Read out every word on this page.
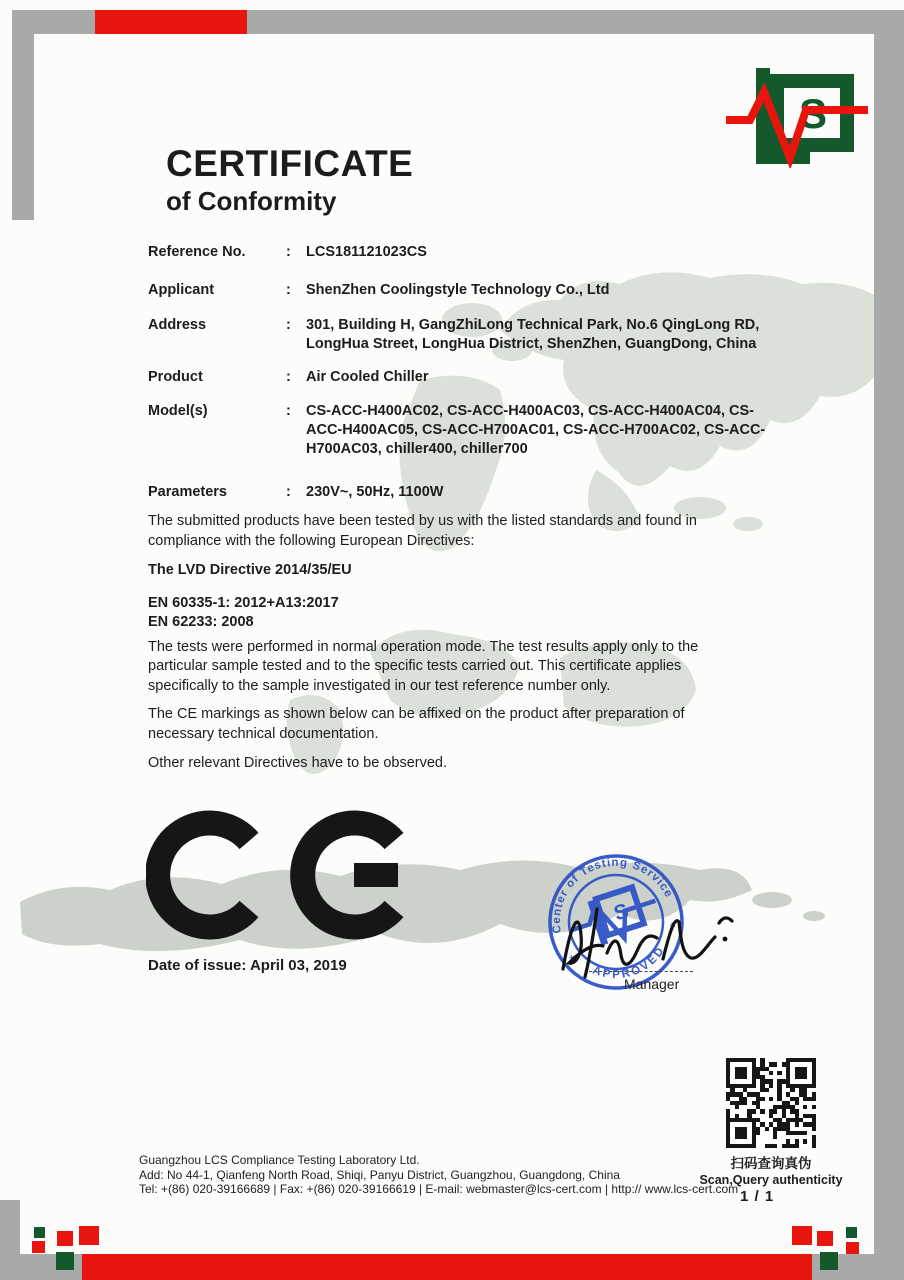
S
CERTIFICATE
of Conformity
Reference No.	:	LCS181121023CS
Applicant	:	ShenZhen Coolingstyle Technology Co., Ltd
Address	:	301, Building H, GangZhiLong Technical Park, No.6 QingLong RD, LongHua Street, LongHua District, ShenZhen, GuangDong, China
Product	:	Air Cooled Chiller
Model(s)	:	CS-ACC-H400AC02, CS-ACC-H400AC03, CS-ACC-H400AC04, CS-ACC-H400AC05, CS-ACC-H700AC01, CS-ACC-H700AC02, CS-ACC-H700AC03, chiller400, chiller700
Parameters	:	230V~, 50Hz, 1100W

The submitted products have been tested by us with the listed standards and found in compliance with the following European Directives:

The LVD Directive 2014/35/EU

EN 60335-1: 2012+A13:2017

EN 62233: 2008

The tests were performed in normal operation mode. The test results apply only to the particular sample tested and to the specific tests carried out. This certificate applies specifically to the sample investigated in our test reference number only.

The CE markings as shown below can be affixed on the product after preparation of necessary technical documentation.

Other relevant Directives have to be observed.

Date of issue: April 03, 2019
Center of Testing Service
APPROVED
*
*
S
Manager
扫码查询真伪
Scan,Query authenticity
1 / 1
Guangzhou LCS Compliance Testing Laboratory Ltd.
Add: No 44-1, Qianfeng North Road, Shiqi, Panyu District, Guangzhou, Guangdong, China
Tel: +(86) 020-39166689 | Fax: +(86) 020-39166619 | E-mail: webmaster@lcs-cert.com | http:// www.lcs-cert.com
